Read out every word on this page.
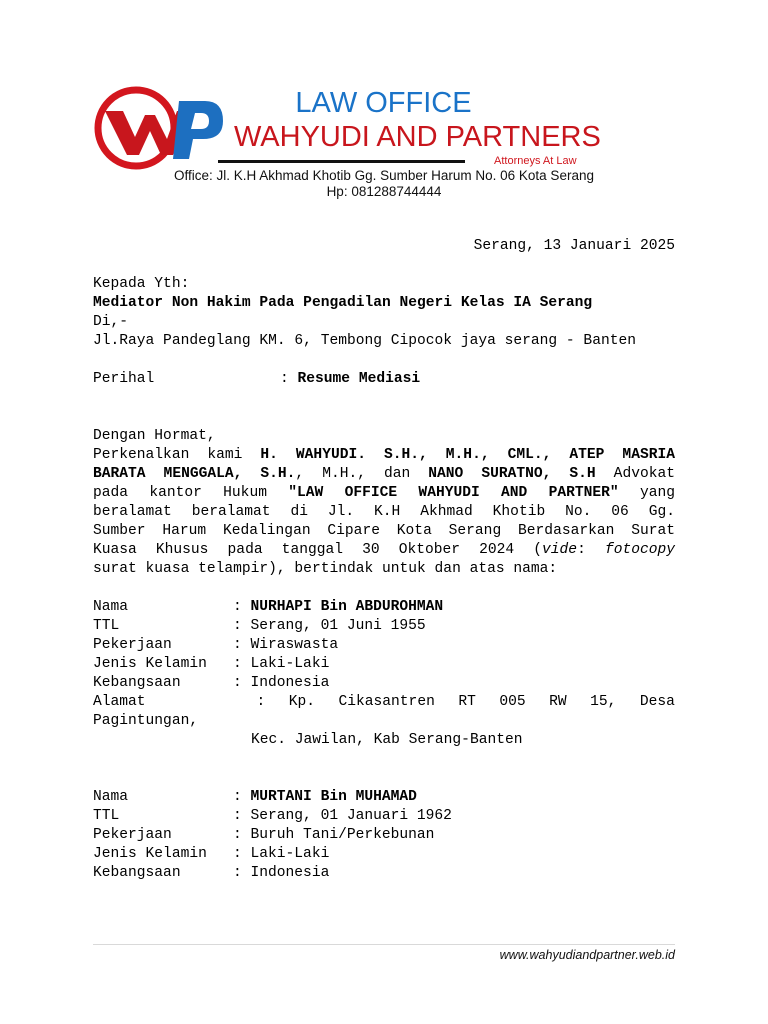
LAW OFFICE
WAHYUDI AND PARTNERS
Attorneys At Law
Office: Jl. K.H Akhmad Khotib Gg. Sumber Harum No. 06 Kota Serang
Hp: 081288744444
Serang, 13 Januari 2025
Kepada Yth:
Mediator Non Hakim Pada Pengadilan Negeri Kelas IA Serang
Di,-
Jl.Raya Pandeglang KM. 6, Tembong Cipocok jaya serang - Banten
Perihal	: Resume Mediasi
Dengan Hormat,
Perkenalkan kami H. WAHYUDI. S.H., M.H., CML., ATEP MASRIA
BARATA MENGGALA, S.H., M.H., dan NANO SURATNO, S.H Advokat
pada kantor Hukum "LAW OFFICE WAHYUDI AND PARTNER" yang
beralamat beralamat di Jl. K.H Akhmad Khotib No. 06 Gg.
Sumber Harum Kedalingan Cipare Kota Serang Berdasarkan Surat
Kuasa Khusus pada tanggal 30 Oktober 2024 (vide: fotocopy
surat kuasa telampir), bertindak untuk dan atas nama:
Nama	: NURHAPI Bin ABDUROHMAN
TTL	: Serang, 01 Juni 1955
Pekerjaan	: Wiraswasta
Jenis Kelamin : Laki-Laki
Kebangsaan	: Indonesia
Alamat	: Kp. Cikasantren RT 005 RW 15, Desa
Pagintungan,
Kec. Jawilan, Kab Serang-Banten
Nama	: MURTANI Bin MUHAMAD
TTL	: Serang, 01 Januari 1962
Pekerjaan	: Buruh Tani/Perkebunan
Jenis Kelamin : Laki-Laki
Kebangsaan	: Indonesia
www.wahyudiandpartner.web.id
